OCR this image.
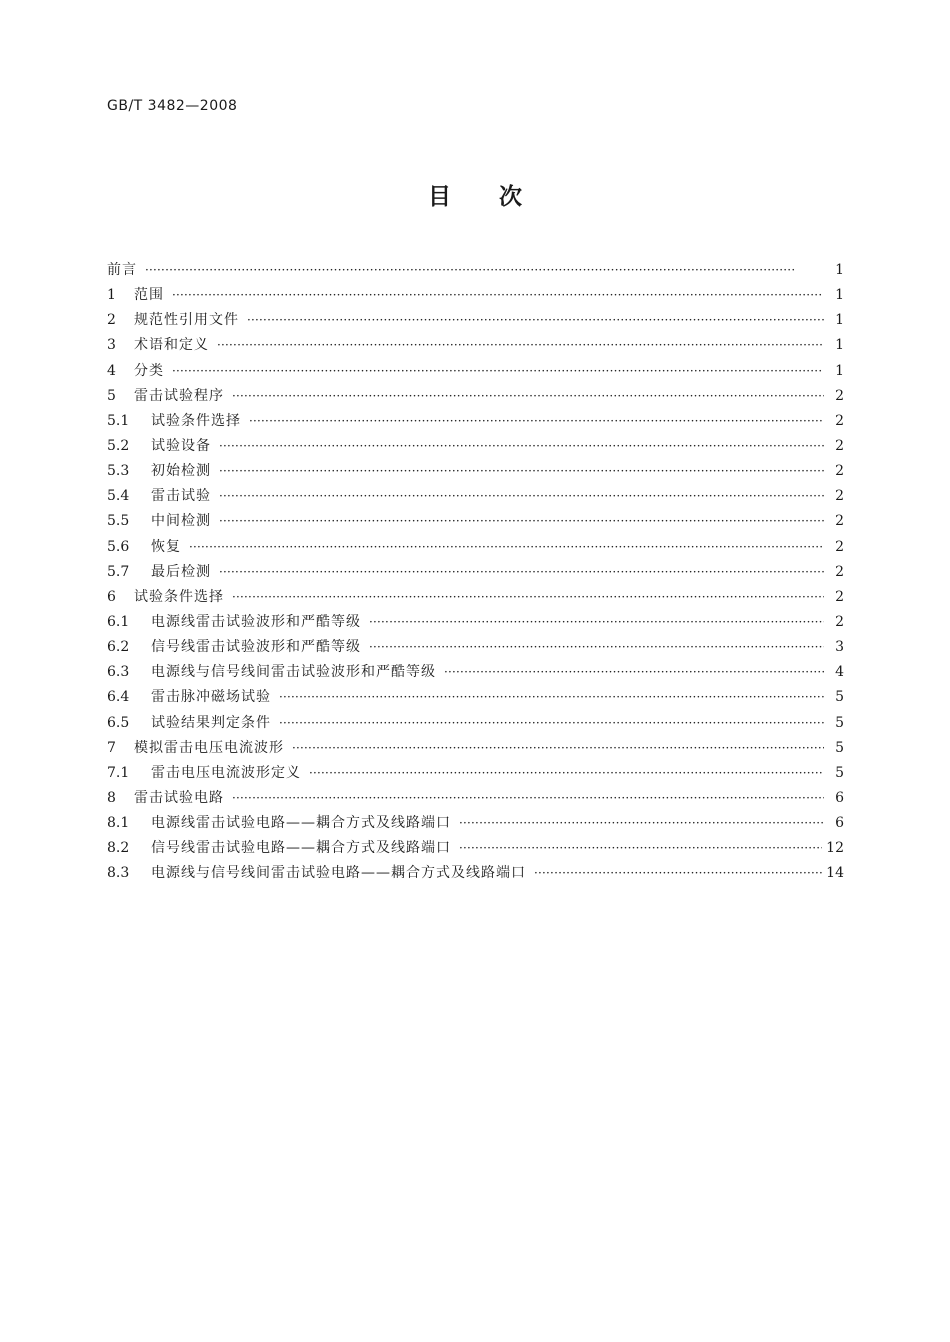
GB/T 3482—2008
目次
前言 ·····	1
1	范围 ·····	1
2	规范性引用文件 ·····	1
3	术语和定义 ·····	1
4	分类 ·····	1
5	雷击试验程序 ·····	2
5.1	试验条件选择 ·····	2
5.2	试验设备 ·····	2
5.3	初始检测 ·····	2
5.4	雷击试验 ·····	2
5.5	中间检测 ·····	2
5.6	恢复 ·····	2
5.7	最后检测 ·····	2
6	试验条件选择 ·····	2
6.1	电源线雷击试验波形和严酷等级 ·····	2
6.2	信号线雷击试验波形和严酷等级 ·····	3
6.3	电源线与信号线间雷击试验波形和严酷等级 ·····	4
6.4	雷击脉冲磁场试验 ·····	5
6.5	试验结果判定条件 ·····	5
7	模拟雷击电压电流波形 ·····	5
7.1	雷击电压电流波形定义 ·····	5
8	雷击试验电路 ·····	6
8.1	电源线雷击试验电路——耦合方式及线路端口 ·····	6
8.2	信号线雷击试验电路——耦合方式及线路端口 ·····	12
8.3	电源线与信号线间雷击试验电路——耦合方式及线路端口 ·····	14
